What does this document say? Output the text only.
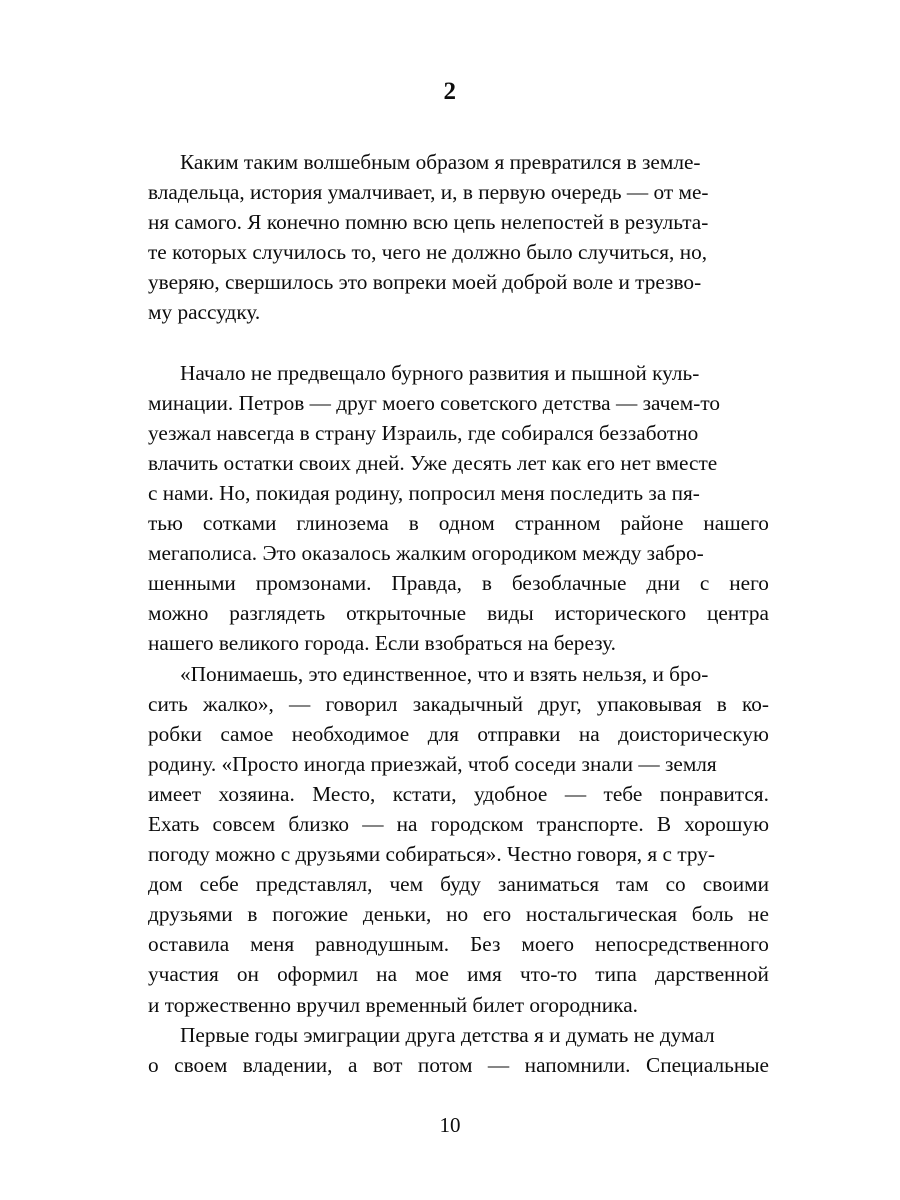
2

Каким таким волшебным образом я превратился в земле-
владельца, история умалчивает, и, в первую очередь — от ме-
ня самого. Я конечно помню всю цепь нелепостей в результа-
те которых случилось то, чего не должно было случиться, но,
уверяю, свершилось это вопреки моей доброй воле и трезво-
му рассудку.

Начало не предвещало бурного развития и пышной куль-
минации. Петров — друг моего советского детства — зачем-то
уезжал навсегда в страну Израиль, где собирался беззаботно
влачить остатки своих дней. Уже десять лет как его нет вместе
с нами. Но, покидая родину, попросил меня последить за пя-
тью сотками глинозема в одном странном районе нашего
мегаполиса. Это оказалось жалким огородиком между забро-
шенными промзонами. Правда, в безоблачные дни с него
можно разглядеть открыточные виды исторического центра
нашего великого города. Если взобраться на березу.

«Понимаешь, это единственное, что и взять нельзя, и бро-
сить жалко», — говорил закадычный друг, упаковывая в ко-
робки самое необходимое для отправки на доисторическую
родину. «Просто иногда приезжай, чтоб соседи знали — земля
имеет хозяина. Место, кстати, удобное — тебе понравится.
Ехать совсем близко — на городском транспорте. В хорошую
погоду можно с друзьями собираться». Честно говоря, я с тру-
дом себе представлял, чем буду заниматься там со своими
друзьями в погожие деньки, но его ностальгическая боль не
оставила меня равнодушным. Без моего непосредственного
участия он оформил на мое имя что-то типа дарственной
и торжественно вручил временный билет огородника.

Первые годы эмиграции друга детства я и думать не думал
о своем владении, а вот потом — напомнили. Специальные

10
